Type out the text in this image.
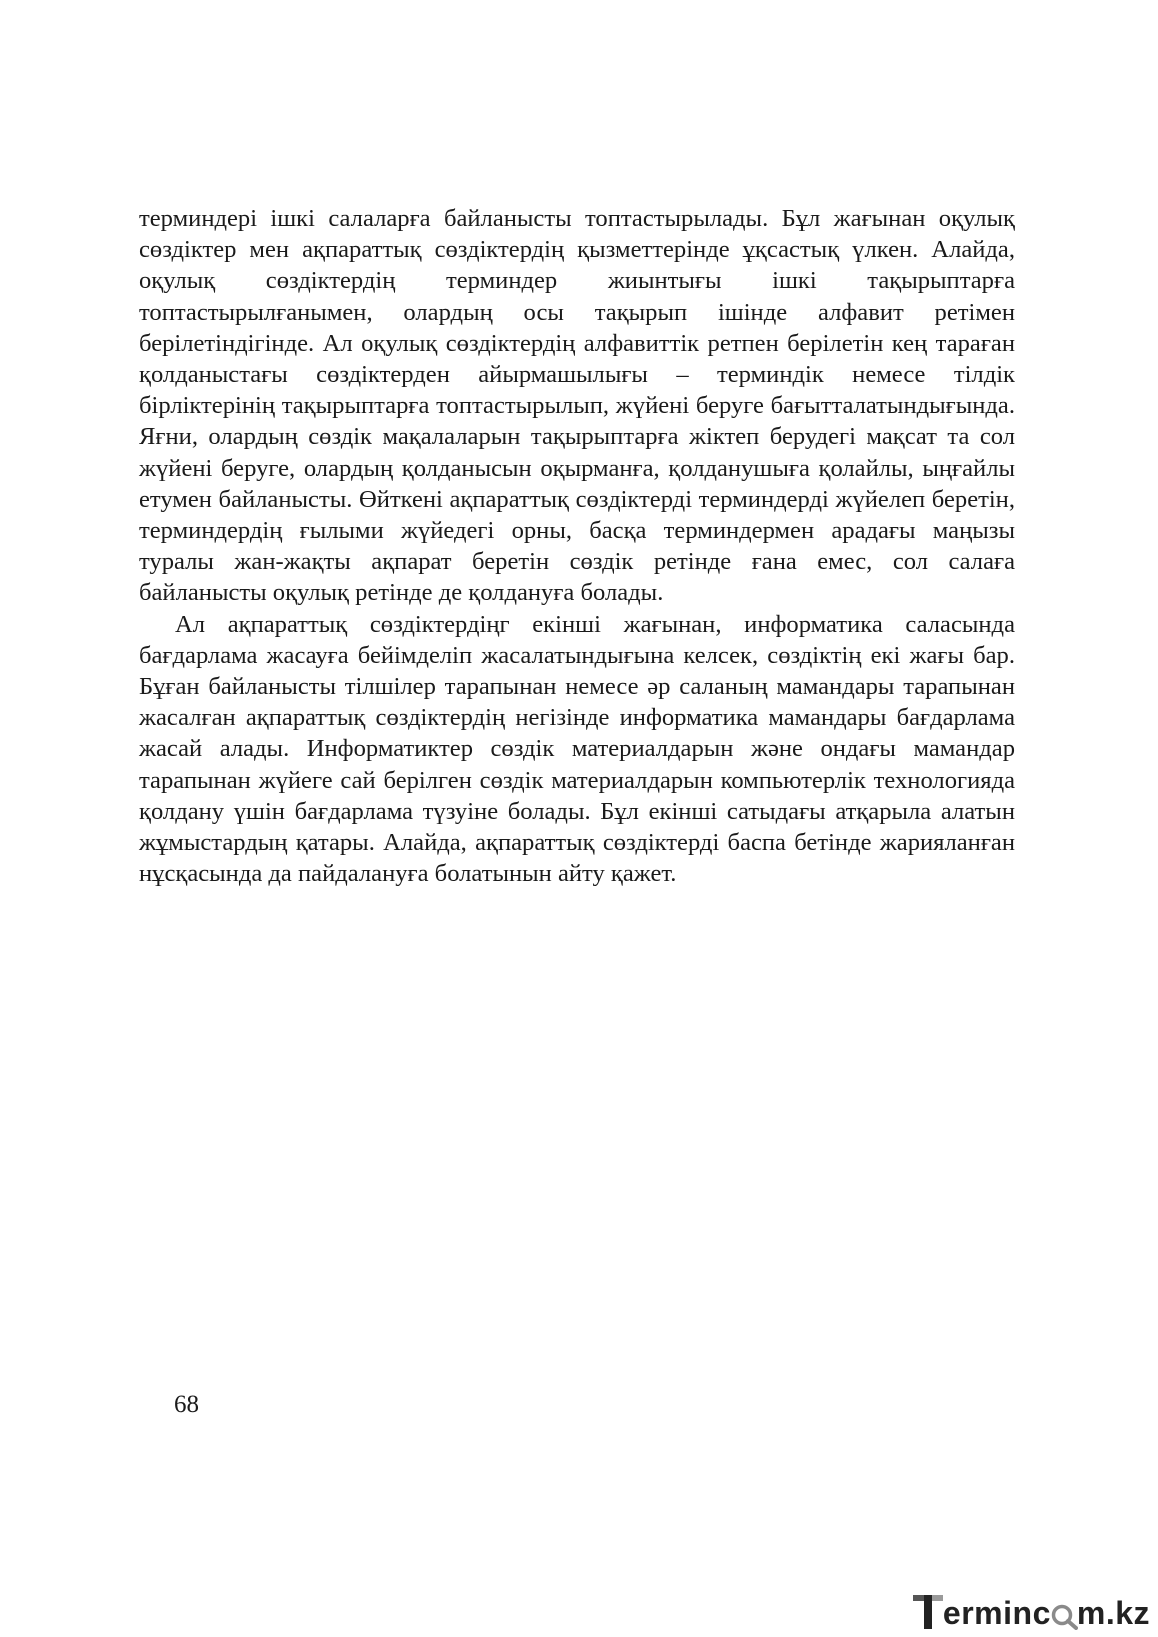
терминдері ішкі салаларға байланысты топтастырылады. Бұл жағынан оқулық сөздіктер мен ақпараттық сөздіктердің қызметтерінде ұқсастық үлкен. Алайда, оқулық сөздіктердің терминдер жиынтығы ішкі тақырыптарға топтастырылғанымен, олардың осы тақырып ішінде алфавит ретімен берілетіндігінде. Ал оқулық сөздіктердің алфавиттік ретпен берілетін кең тараған қолданыстағы сөздіктерден айырмашылығы – терминдік немесе тілдік бірліктерінің тақырыптарға топтастырылып, жүйені беруге бағытталатындығында. Яғни, олардың сөздік мақалаларын тақырыптарға жіктеп берудегі мақсат та сол жүйені беруге, олардың қолданысын оқырманға, қолданушыға қолайлы, ыңғайлы етумен байланысты. Өйткені ақпараттық сөздіктерді терминдерді жүйелеп беретін, терминдердің ғылыми жүйедегі орны, басқа терминдермен арадағы маңызы туралы жан-жақты ақпарат беретін сөздік ретінде ғана емес, сол салаға байланысты оқулық ретінде де қолдануға болады.

Ал ақпараттық сөздіктердіңг екінші жағынан, информатика саласында бағдарлама жасауға бейімделіп жасалатындығына келсек, сөздіктің екі жағы бар. Бұған байланысты тілшілер тарапынан немесе әр саланың мамандары тарапынан жасалған ақпараттық сөздіктердің негізінде информатика мамандары бағдарлама жасай алады. Информатиктер сөздік материалдарын және ондағы мамандар тарапынан жүйеге сай берілген сөздік материалдарын компьютерлік технологияда қолдану үшін бағдарлама түзуіне болады. Бұл екінші сатыдағы атқарыла алатын жұмыстардың қатары. Алайда, ақпараттық сөздіктерді баспа бетінде жарияланған нұсқасында да пайдалануға болатынын айту қажет.

68
erminc m.kz
